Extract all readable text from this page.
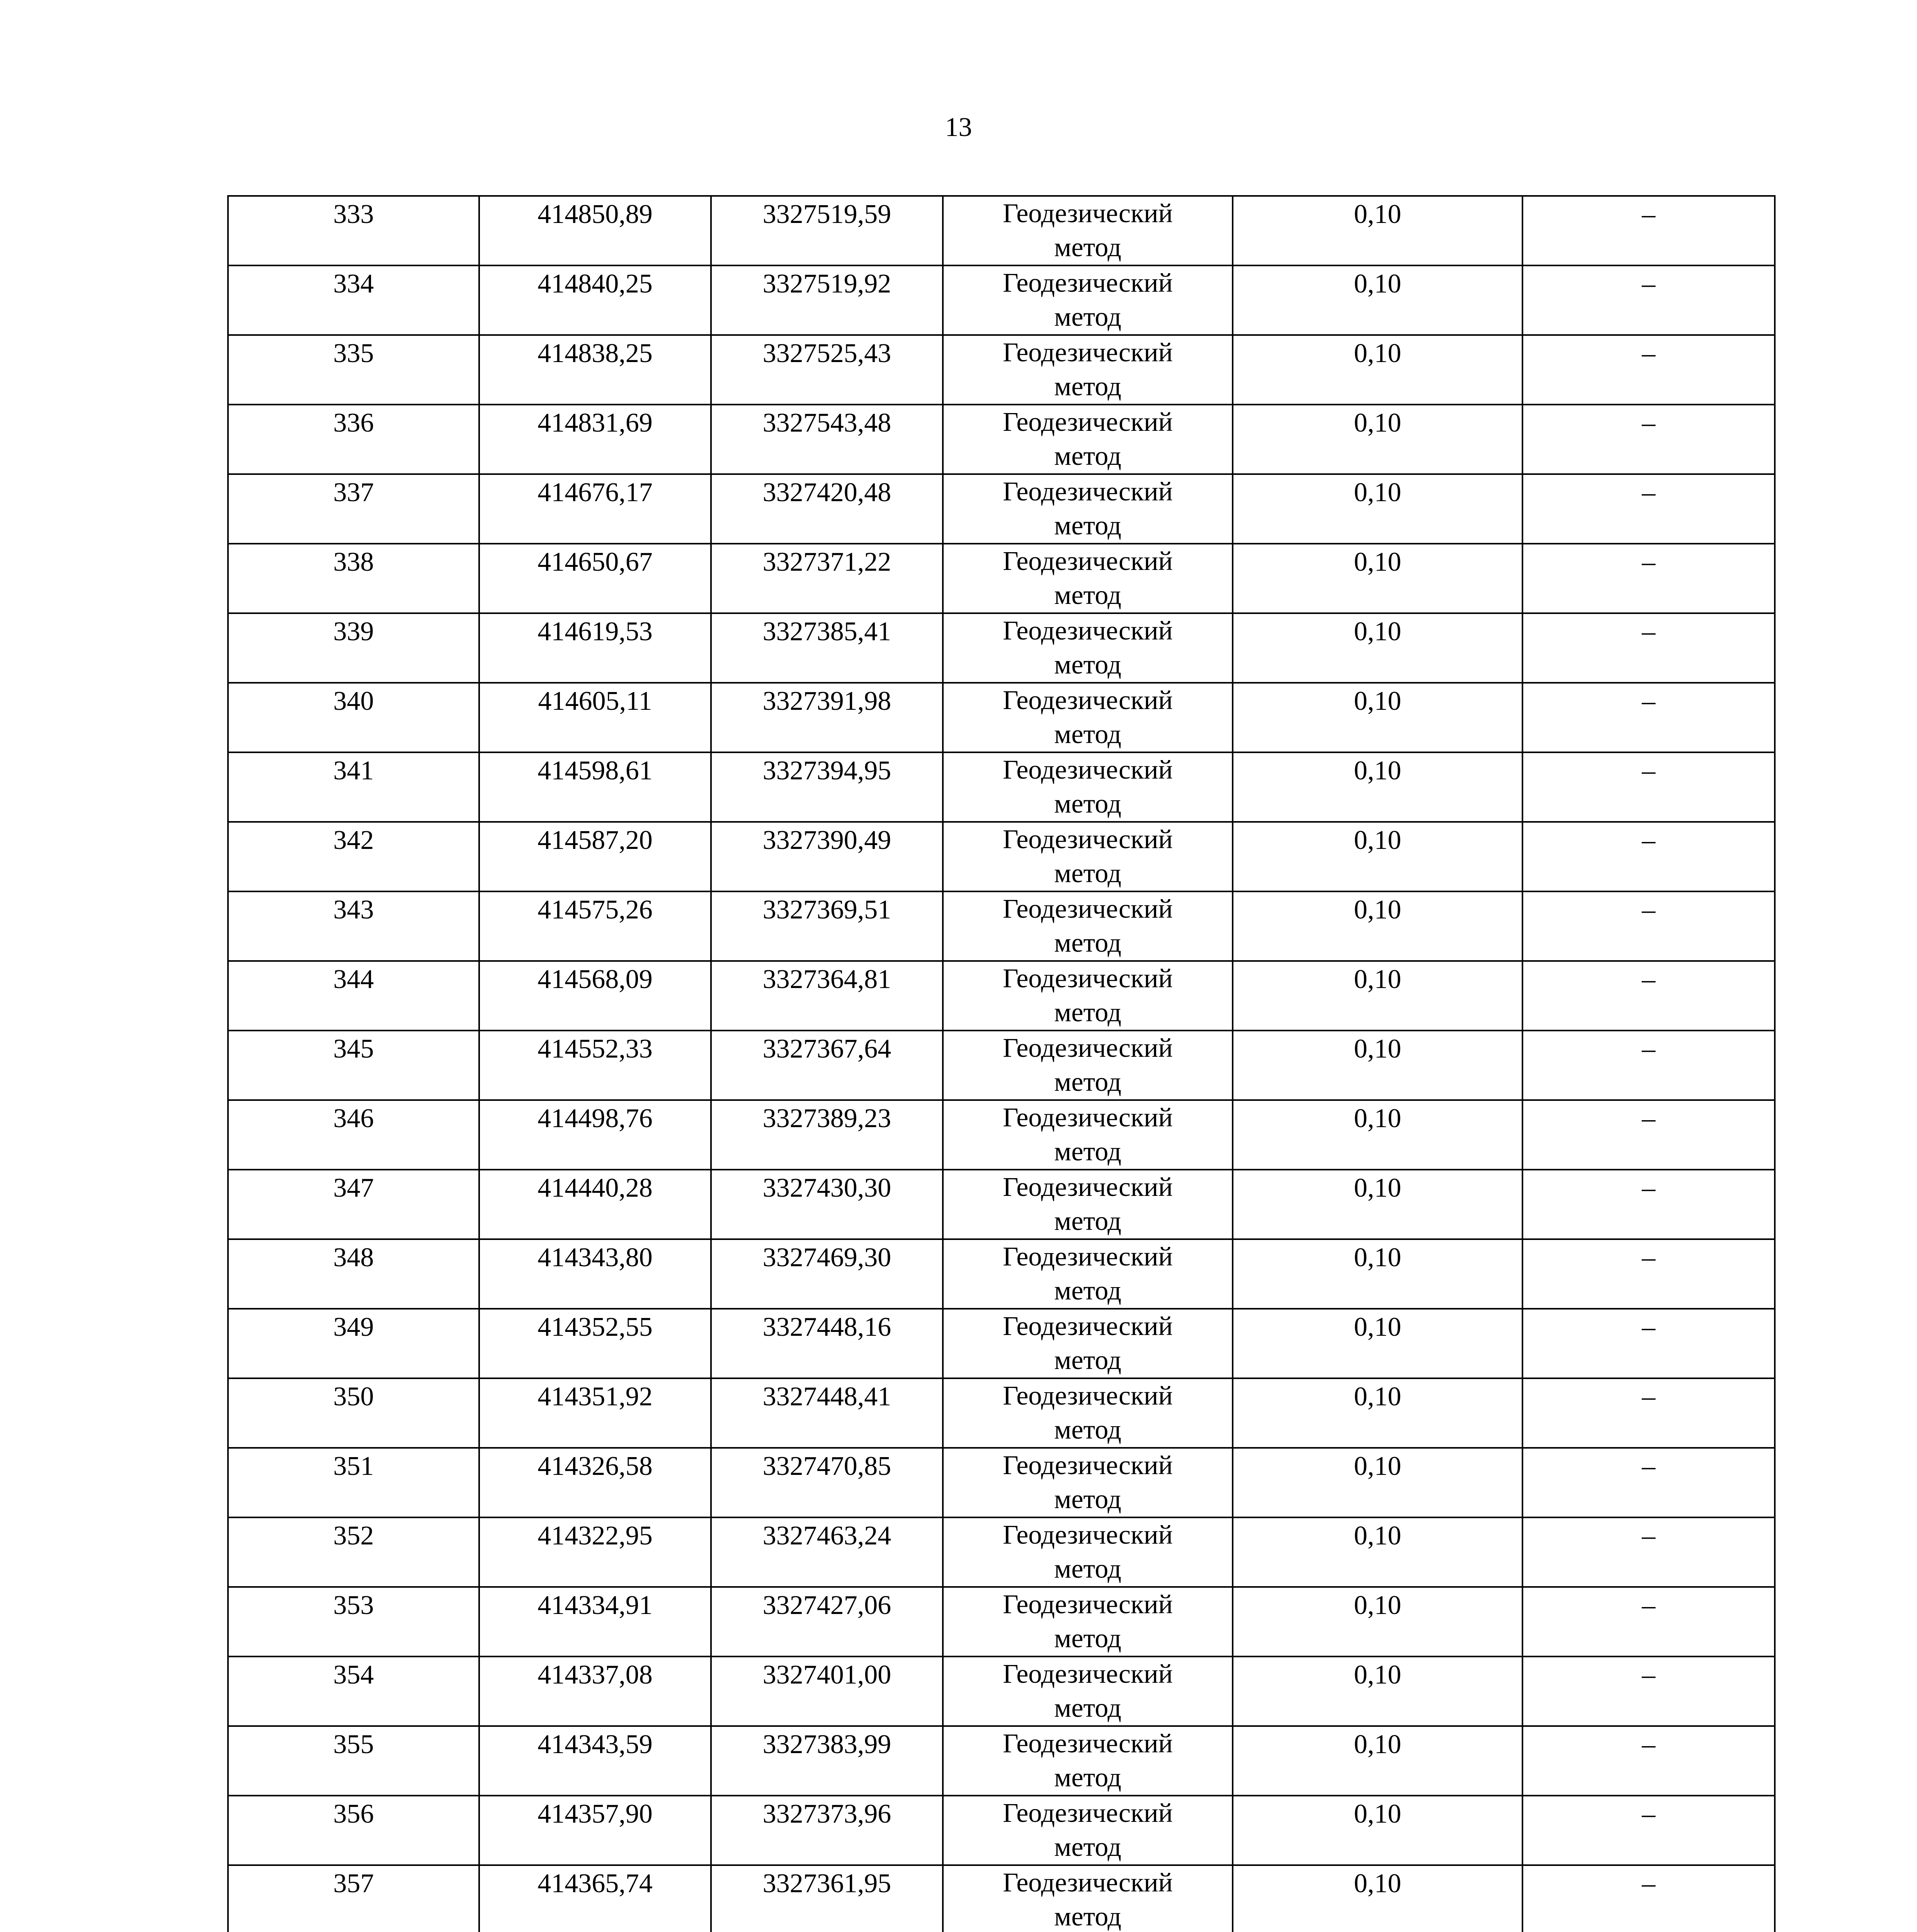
13
333	414850,89	3327519,59	Геодезический
метод	0,10	–

334	414840,25	3327519,92	Геодезический
метод	0,10	–

335	414838,25	3327525,43	Геодезический
метод	0,10	–

336	414831,69	3327543,48	Геодезический
метод	0,10	–

337	414676,17	3327420,48	Геодезический
метод	0,10	–

338	414650,67	3327371,22	Геодезический
метод	0,10	–

339	414619,53	3327385,41	Геодезический
метод	0,10	–

340	414605,11	3327391,98	Геодезический
метод	0,10	–

341	414598,61	3327394,95	Геодезический
метод	0,10	–

342	414587,20	3327390,49	Геодезический
метод	0,10	–

343	414575,26	3327369,51	Геодезический
метод	0,10	–

344	414568,09	3327364,81	Геодезический
метод	0,10	–

345	414552,33	3327367,64	Геодезический
метод	0,10	–

346	414498,76	3327389,23	Геодезический
метод	0,10	–

347	414440,28	3327430,30	Геодезический
метод	0,10	–

348	414343,80	3327469,30	Геодезический
метод	0,10	–

349	414352,55	3327448,16	Геодезический
метод	0,10	–

350	414351,92	3327448,41	Геодезический
метод	0,10	–

351	414326,58	3327470,85	Геодезический
метод	0,10	–

352	414322,95	3327463,24	Геодезический
метод	0,10	–

353	414334,91	3327427,06	Геодезический
метод	0,10	–

354	414337,08	3327401,00	Геодезический
метод	0,10	–

355	414343,59	3327383,99	Геодезический
метод	0,10	–

356	414357,90	3327373,96	Геодезический
метод	0,10	–

357	414365,74	3327361,95	Геодезический
метод	0,10	–
